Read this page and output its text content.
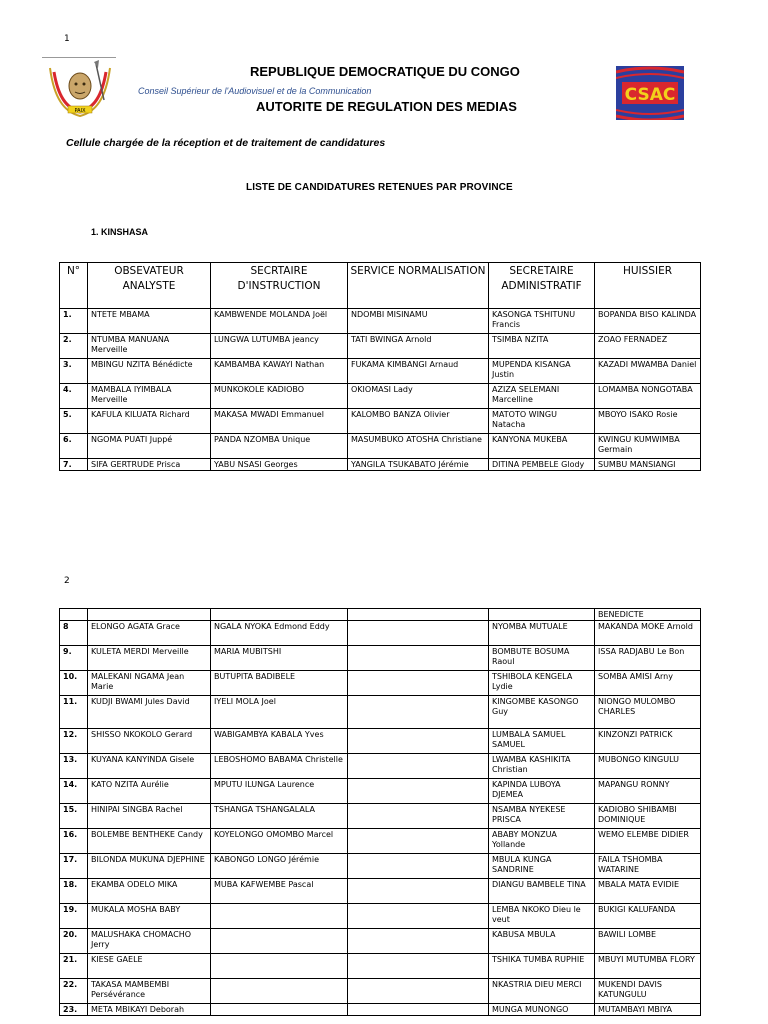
1
PAIX
REPUBLIQUE DEMOCRATIQUE DU CONGO
Conseil Supérieur de l'Audiovisuel et de la Communication
AUTORITE DE REGULATION DES MEDIAS
CSAC
Cellule chargée de la réception et de traitement de candidatures
LISTE DE CANDIDATURES RETENUES PAR PROVINCE
1. KINSHASA
N°	OBSEVATEUR ANALYSTE	SECRTAIRE D'INSTRUCTION	SERVICE NORMALISATION	SECRETAIRE ADMINISTRATIF	HUISSIER
1.	NTETE MBAMA	KAMBWENDE MOLANDA Joël	NDOMBI MISINAMU	KASONGA TSHITUNU Francis	BOPANDA BISO KALINDA
2.	NTUMBA MANUANA Merveille	LUNGWA LUTUMBA jeancy	TATI BWINGA Arnold	TSIMBA NZITA	ZOAO FERNADEZ
3.	MBINGU NZITA Bénédicte	KAMBAMBA KAWAYI Nathan	FUKAMA KIMBANGI Arnaud	MUPENDA KISANGA Justin	KAZADI MWAMBA Daniel
4.	MAMBALA IYIMBALA Merveille	MUNKOKOLE KADIOBO	OKIOMASI Lady	AZIZA SELEMANI Marcelline	LOMAMBA NONGOTABA
5.	KAFULA KILUATA Richard	MAKASA MWADI Emmanuel	KALOMBO BANZA Olivier	MATOTO WINGU Natacha	MBOYO ISAKO Rosie
6.	NGOMA PUATI Juppé	PANDA NZOMBA Unique	MASUMBUKO ATOSHA Christiane	KANYONA MUKEBA	KWINGU KUMWIMBA Germain
7.	SIFA GERTRUDE Prisca	YABU NSASI Georges	YANGILA TSUKABATO Jérémie	DITINA PEMBELE Glody	SUMBU MANSIANGI
2
					BENEDICTE
8	ELONGO AGATA Grace	NGALA NYOKA Edmond Eddy		NYOMBA MUTUALE	MAKANDA MOKE Arnold
9.	KULETA MERDI Merveille	MARIA MUBITSHI		BOMBUTE BOSUMA Raoul	ISSA RADJABU Le Bon
10.	MALEKANI NGAMA Jean Marie	BUTUPITA BADIBELE		TSHIBOLA KENGELA Lydie	SOMBA AMISI Arny
11.	KUDJI BWAMI Jules David	IYELI MOLA Joel		KINGOMBE KASONGO Guy	NIONGO MULOMBO CHARLES
12.	SHISSO NKOKOLO Gerard	WABIGAMBYA KABALA Yves		LUMBALA SAMUEL SAMUEL	KINZONZI PATRICK
13.	KUYANA KANYINDA Gisele	LEBOSHOMO BABAMA Christelle		LWAMBA KASHIKITA Christian	MUBONGO KINGULU
14.	KATO NZITA Aurélie	MPUTU ILUNGA Laurence		KAPINDA LUBOYA DJEMEA	MAPANGU RONNY
15.	HINIPAI SINGBA Rachel	TSHANGA TSHANGALALA		NSAMBA NYEKESE PRISCA	KADIOBO SHIBAMBI DOMINIQUE
16.	BOLEMBE BENTHEKE Candy	KOYELONGO OMOMBO Marcel		ABABY MONZUA Yollande	WEMO ELEMBE DIDIER
17.	BILONDA MUKUNA DJEPHINE	KABONGO LONGO Jérémie		MBULA KUNGA SANDRINE	FAILA TSHOMBA WATARINE
18.	EKAMBA ODELO MIKA	MUBA KAFWEMBE Pascal		DIANGU BAMBELE TINA	MBALA MATA EVIDIE
19.	MUKALA MOSHA BABY			LEMBA NKOKO Dieu le veut	BUKIGI KALUFANDA
20.	MALUSHAKA CHOMACHO Jerry			KABUSA MBULA	BAWILI LOMBE
21.	KIESE GAELE			TSHIKA TUMBA RUPHIE	MBUYI MUTUMBA FLORY
22.	TAKASA MAMBEMBI Persévérance			NKASTRIA DIEU MERCI	MUKENDI DAVIS KATUNGULU
23.	META MBIKAYI Deborah			MUNGA MUNONGO	MUTAMBAYI MBIYA
